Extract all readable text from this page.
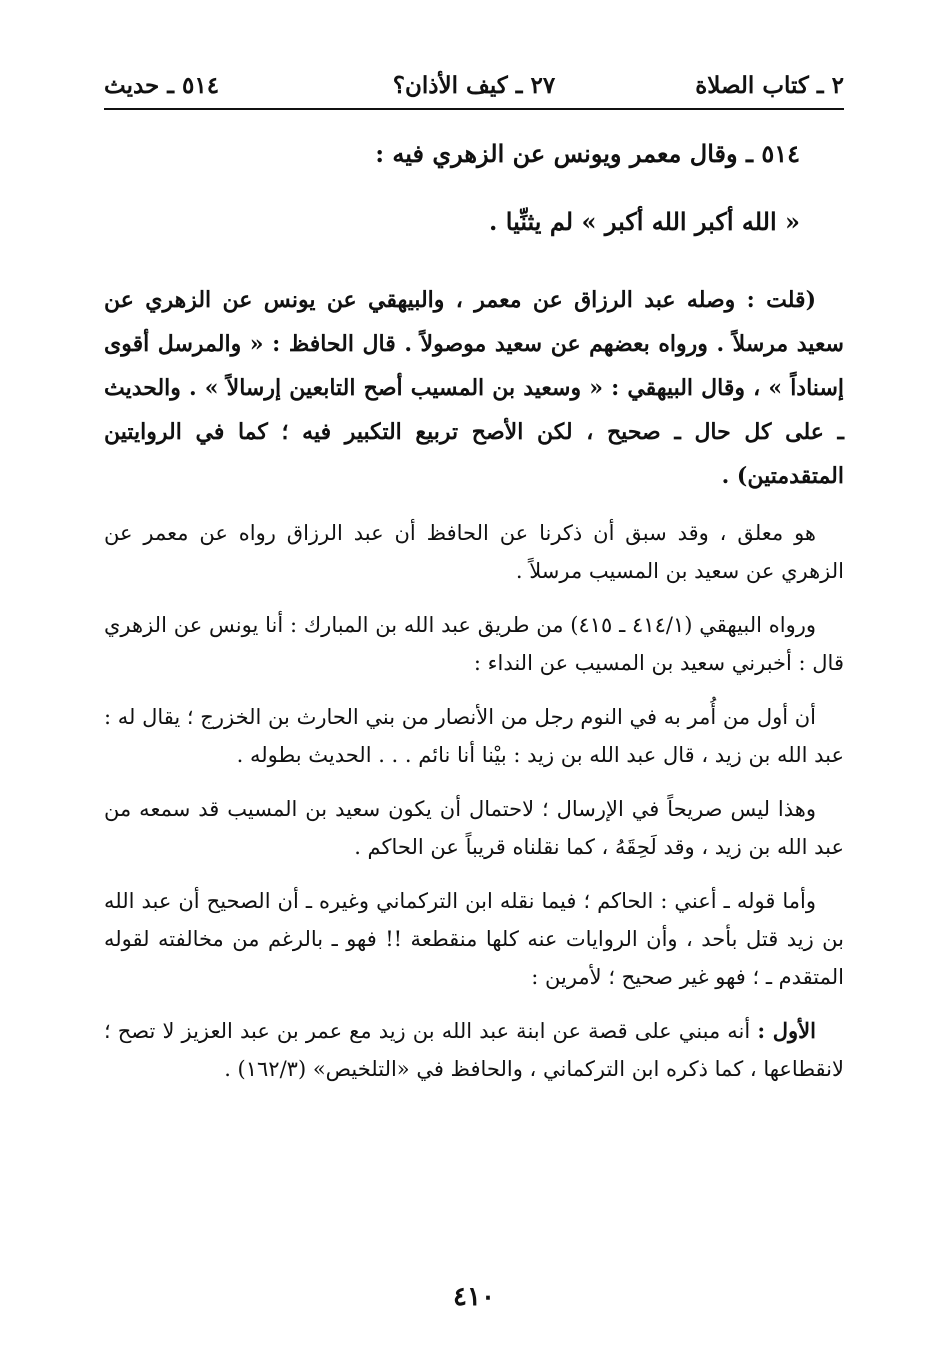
٢ ـ كتاب الصلاة
٢٧ ـ كيف الأذان؟
٥١٤ ـ حديث

٥١٤ ـ وقال معمر ويونس عن الزهري فيه :

« الله أكبر الله أكبر » لم يثنِّيا .

(قلت : وصله عبد الرزاق عن معمر ، والبيهقي عن يونس عن الزهري عن سعيد مرسلاً . ورواه بعضهم عن سعيد موصولاً . قال الحافظ : « والمرسل أقوى إسناداً » ، وقال البيهقي : « وسعيد بن المسيب أصح التابعين إرسالاً » . والحديث ـ على كل حال ـ صحيح ، لكن الأصح تربيع التكبير فيه ؛ كما في الروايتين المتقدمتين) .

هو معلق ، وقد سبق أن ذكرنا عن الحافظ أن عبد الرزاق رواه عن معمر عن الزهري عن سعيد بن المسيب مرسلاً .

ورواه البيهقي (٤١٤/١ ـ ٤١٥) من طريق عبد الله بن المبارك : أنا يونس عن الزهري قال : أخبرني سعيد بن المسيب عن النداء :

أن أول من أُمر به في النوم رجل من الأنصار من بني الحارث بن الخزرج ؛ يقال له : عبد الله بن زيد ، قال عبد الله بن زيد : بيْنا أنا نائم . . . الحديث بطوله .

وهذا ليس صريحاً في الإرسال ؛ لاحتمال أن يكون سعيد بن المسيب قد سمعه من عبد الله بن زيد ، وقد لَحِقَهُ ، كما نقلناه قريباً عن الحاكم .

وأما قوله ـ أعني : الحاكم ؛ فيما نقله ابن التركماني وغيره ـ أن الصحيح أن عبد الله بن زيد قتل بأحد ، وأن الروايات عنه كلها منقطعة !! فهو ـ بالرغم من مخالفته لقوله المتقدم ـ ؛ فهو غير صحيح ؛ لأمرين :

الأول : أنه مبني على قصة عن ابنة عبد الله بن زيد مع عمر بن عبد العزيز لا تصح ؛ لانقطاعها ، كما ذكره ابن التركماني ، والحافظ في «التلخيص» (١٦٢/٣) .

٤١٠
